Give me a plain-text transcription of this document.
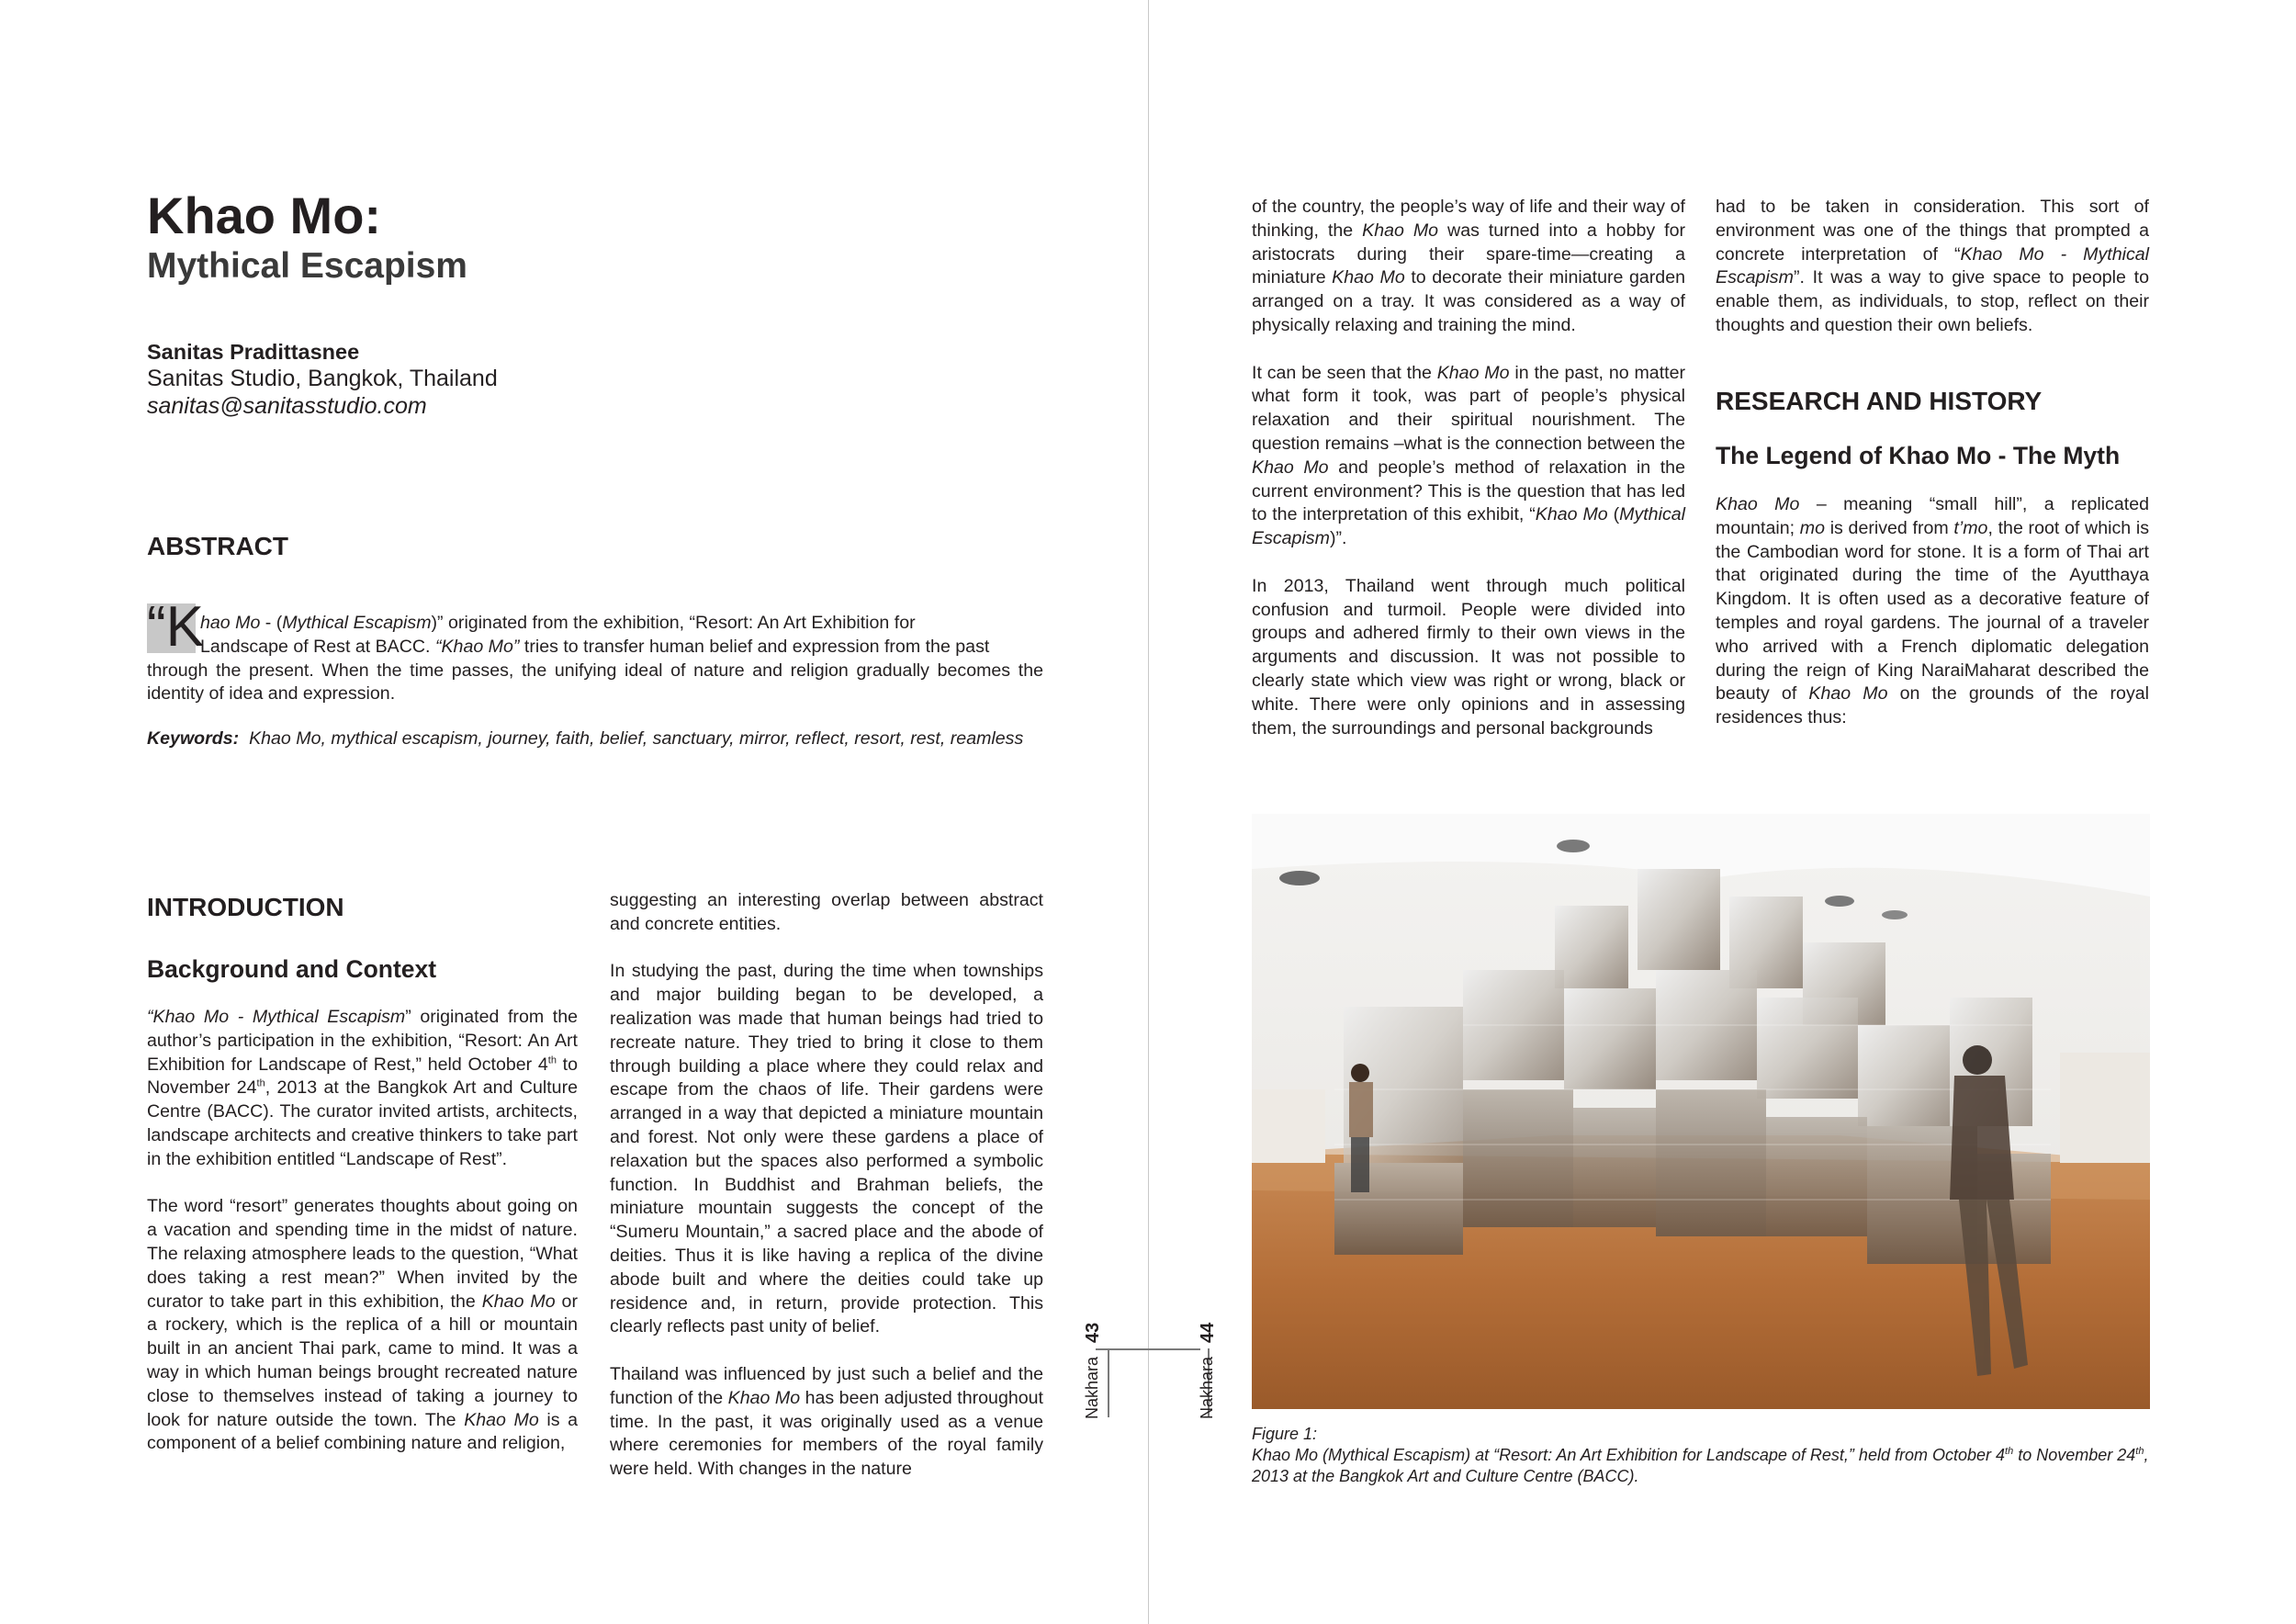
Khao Mo:
Mythical Escapism
Sanitas Pradittasnee
Sanitas Studio, Bangkok, Thailand
sanitas@sanitasstudio.com
ABSTRACT
“K
hao Mo - (Mythical Escapism)” originated from the exhibition, “Resort: An Art Exhibition for
Landscape of Rest at BACC. “Khao Mo” tries to transfer human belief and expression from the past
through the present. When the time passes, the unifying ideal of nature and religion gradually becomes the identity of idea and expression.
Keywords: Khao Mo, mythical escapism, journey, faith, belief, sanctuary, mirror, reflect, resort, rest, reamless
INTRODUCTION
Background and Context

“Khao Mo - Mythical Escapism” originated from the author’s participation in the exhibition, “Resort: An Art Exhibition for Landscape of Rest,” held October 4th to November 24th, 2013 at the Bangkok Art and Culture Centre (BACC). The curator invited artists, architects, landscape architects and creative thinkers to take part in the exhibition entitled “Landscape of Rest”.

The word “resort” generates thoughts about going on a vacation and spending time in the midst of nature. The relaxing atmosphere leads to the question, “What does taking a rest mean?” When invited by the curator to take part in this exhibition, the Khao Mo or a rockery, which is the replica of a hill or mountain built in an ancient Thai park, came to mind. It was a way in which human beings brought recreated nature close to themselves instead of taking a journey to look for nature outside the town. The Khao Mo is a component of a belief combining nature and religion,

suggesting an interesting overlap between abstract and concrete entities.

In studying the past, during the time when townships and major building began to be developed, a realization was made that human beings had tried to recreate nature. They tried to bring it close to them through building a place where they could relax and escape from the chaos of life. Their gardens were arranged in a way that depicted a miniature mountain and forest. Not only were these gardens a place of relaxation but the spaces also performed a symbolic function. In Buddhist and Brahman beliefs, the miniature mountain suggests the concept of the “Sumeru Mountain,” a sacred place and the abode of deities. Thus it is like having a replica of the divine abode built and where the deities could take up residence and, in return, provide protection. This clearly reflects past unity of belief.

Thailand was influenced by just such a belief and the function of the Khao Mo has been adjusted throughout time. In the past, it was originally used as a venue where ceremonies for members of the royal family were held. With changes in the nature

of the country, the people’s way of life and their way of thinking, the Khao Mo was turned into a hobby for aristocrats during their spare-time—creating a miniature Khao Mo to decorate their miniature garden arranged on a tray. It was considered as a way of physically relaxing and training the mind.

It can be seen that the Khao Mo in the past, no matter what form it took, was part of people’s physical relaxation and their spiritual nourishment. The question remains –what is the connection between the Khao Mo and people’s method of relaxation in the current environment? This is the question that has led to the interpretation of this exhibit, “Khao Mo (Mythical Escapism)”.

In 2013, Thailand went through much political confusion and turmoil. People were divided into groups and adhered firmly to their own views in the arguments and discussion. It was not possible to clearly state which view was right or wrong, black or white. There were only opinions and in assessing them, the surroundings and personal backgrounds

had to be taken in consideration. This sort of environment was one of the things that prompted a concrete interpretation of “Khao Mo - Mythical Escapism”. It was a way to give space to people to enable them, as individuals, to stop, reflect on their thoughts and question their own beliefs.

RESEARCH AND HISTORY
The Legend of Khao Mo - The Myth

Khao Mo – meaning “small hill”, a replicated mountain; mo is derived from t’mo, the root of which is the Cambodian word for stone. It is a form of Thai art that originated during the time of the Ayutthaya Kingdom. It is often used as a decorative feature of temples and royal gardens. The journal of a traveler who arrived with a French diplomatic delegation during the reign of King NaraiMaharat described the beauty of Khao Mo on the grounds of the royal residences thus:

Figure 1:
Khao Mo (Mythical Escapism) at “Resort: An Art Exhibition for Landscape of Rest,” held from October 4th to November 24th, 2013 at the Bangkok Art and Culture Centre (BACC).
43
Nakhara
44
Nakhara
